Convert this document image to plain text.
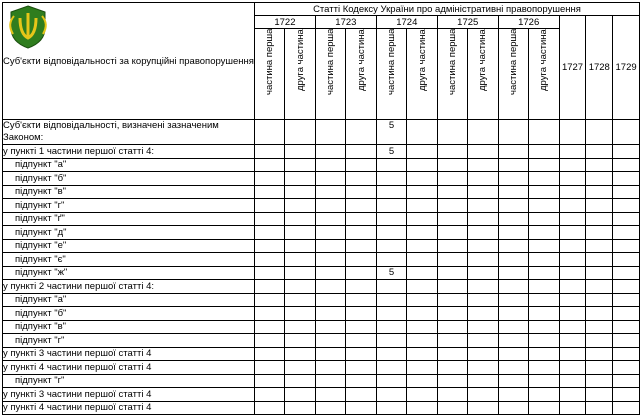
Суб'єкти відповідальності за корупційні правопорушення	Статті Кодексу України про адміністративні правопорушення												
	1722		1723		1724		1725		1726		1727	1728	1729

	частина перша	друга частина	частина перша	друга частина	частина перша	друга частина	частина перша	друга частина	частина перша	друга частина			

Суб'єкти відповідальності, визначені зазначеним Законом:					5								
у пункті 1 частини першої статті 4:					5								
підпункт "а"													
підпункт "б"													
підпункт "в"													
підпункт "г"													
підпункт "ґ"													
підпункт "д"													
підпункт "е"													
підпункт "є"													
підпункт "ж"					5								
у пункті 2 частини першої статті 4:													
підпункт "а"													
підпункт "б"													
підпункт "в"													
підпункт "г"													
у пункті 3 частини першої статті 4													
у пункті 4 частини першої статті 4													
підпункт "г"													
у пункті 3 частини першої статті 4													
у пункті 4 частини першої статті 4													
